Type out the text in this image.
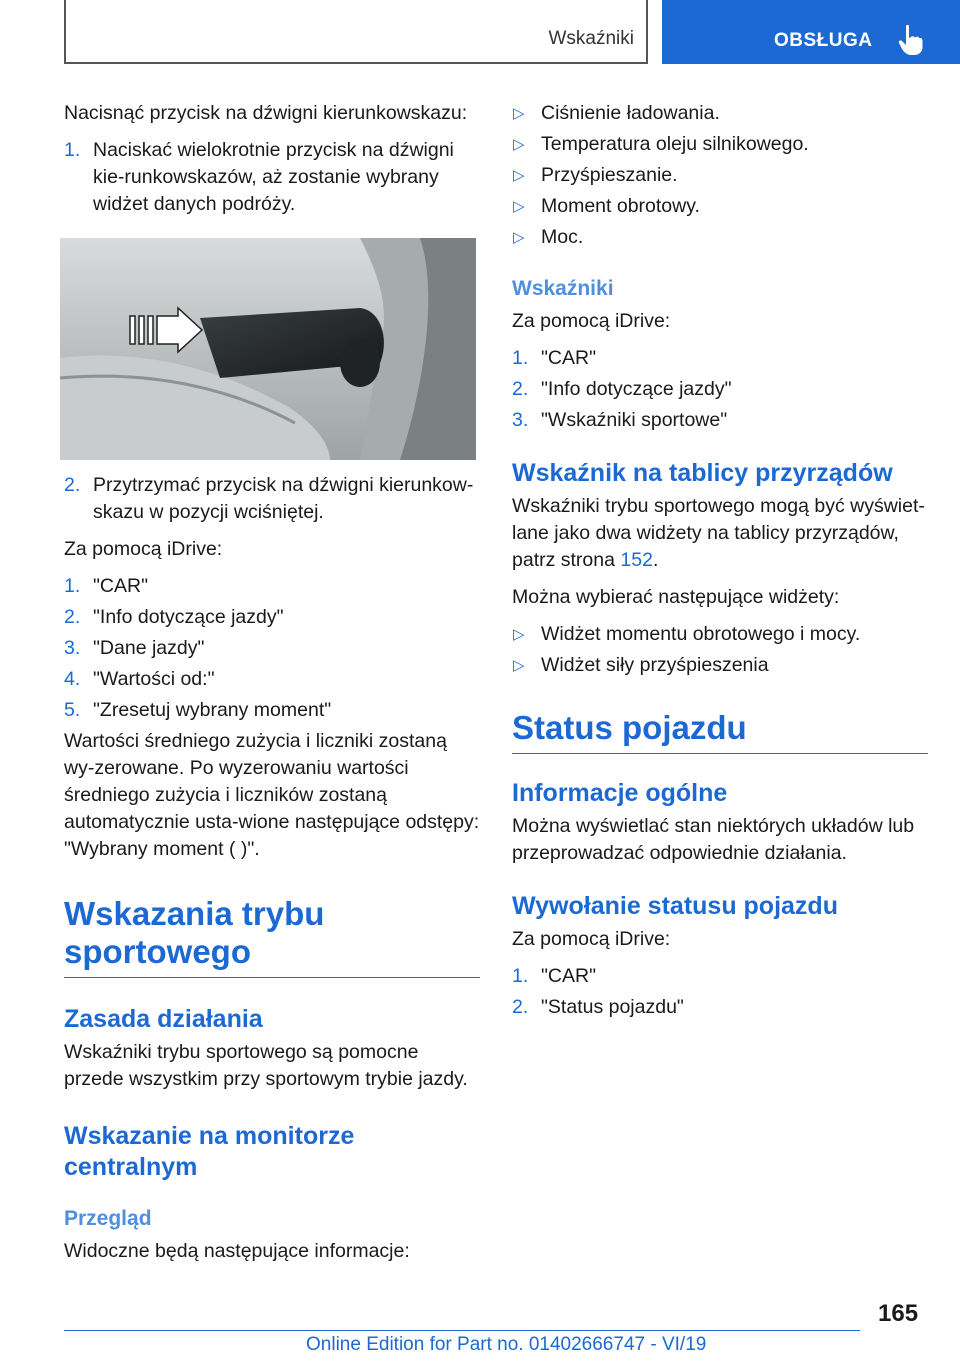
Wskaźniki	OBSŁUGA

Nacisnąć przycisk na dźwigni kierunkowskazu:

1. Naciskać wielokrotnie przycisk na dźwigni kie-runkowskazów, aż zostanie wybrany widżet danych podróży.
2. Przytrzymać przycisk na dźwigni kierunkow-skazu w pozycji wciśniętej.

Za pomocą iDrive:

1. "CAR"
2. "Info dotyczące jazdy"
3. "Dane jazdy"
4. "Wartości od:"
5. "Zresetuj wybrany moment"

Wartości średniego zużycia i liczniki zostaną wy-zerowane. Po wyzerowaniu wartości średniego zużycia i liczników zostaną automatycznie usta-wione następujące odstępy: "Wybrany moment ( )".

Wskazania trybu sportowego
Zasada działania

Wskaźniki trybu sportowego są pomocne przede wszystkim przy sportowym trybie jazdy.

Wskazanie na monitorze centralnym
Przegląd

Widoczne będą następujące informacje:

▷ Ciśnienie ładowania.
▷ Temperatura oleju silnikowego.
▷ Przyśpieszanie.
▷ Moment obrotowy.
▷ Moc.
Wskaźniki

Za pomocą iDrive:

1. "CAR"
2. "Info dotyczące jazdy"
3. "Wskaźniki sportowe"
Wskaźnik na tablicy przyrządów

Wskaźniki trybu sportowego mogą być wyświet-lane jako dwa widżety na tablicy przyrządów, patrz strona 152.

Można wybierać następujące widżety:

▷ Widżet momentu obrotowego i mocy.
▷ Widżet siły przyśpieszenia
Status pojazdu
Informacje ogólne

Można wyświetlać stan niektórych układów lub przeprowadzać odpowiednie działania.

Wywołanie statusu pojazdu

Za pomocą iDrive:

1. "CAR"
2. "Status pojazdu"
165
Online Edition for Part no. 01402666747 - VI/19
